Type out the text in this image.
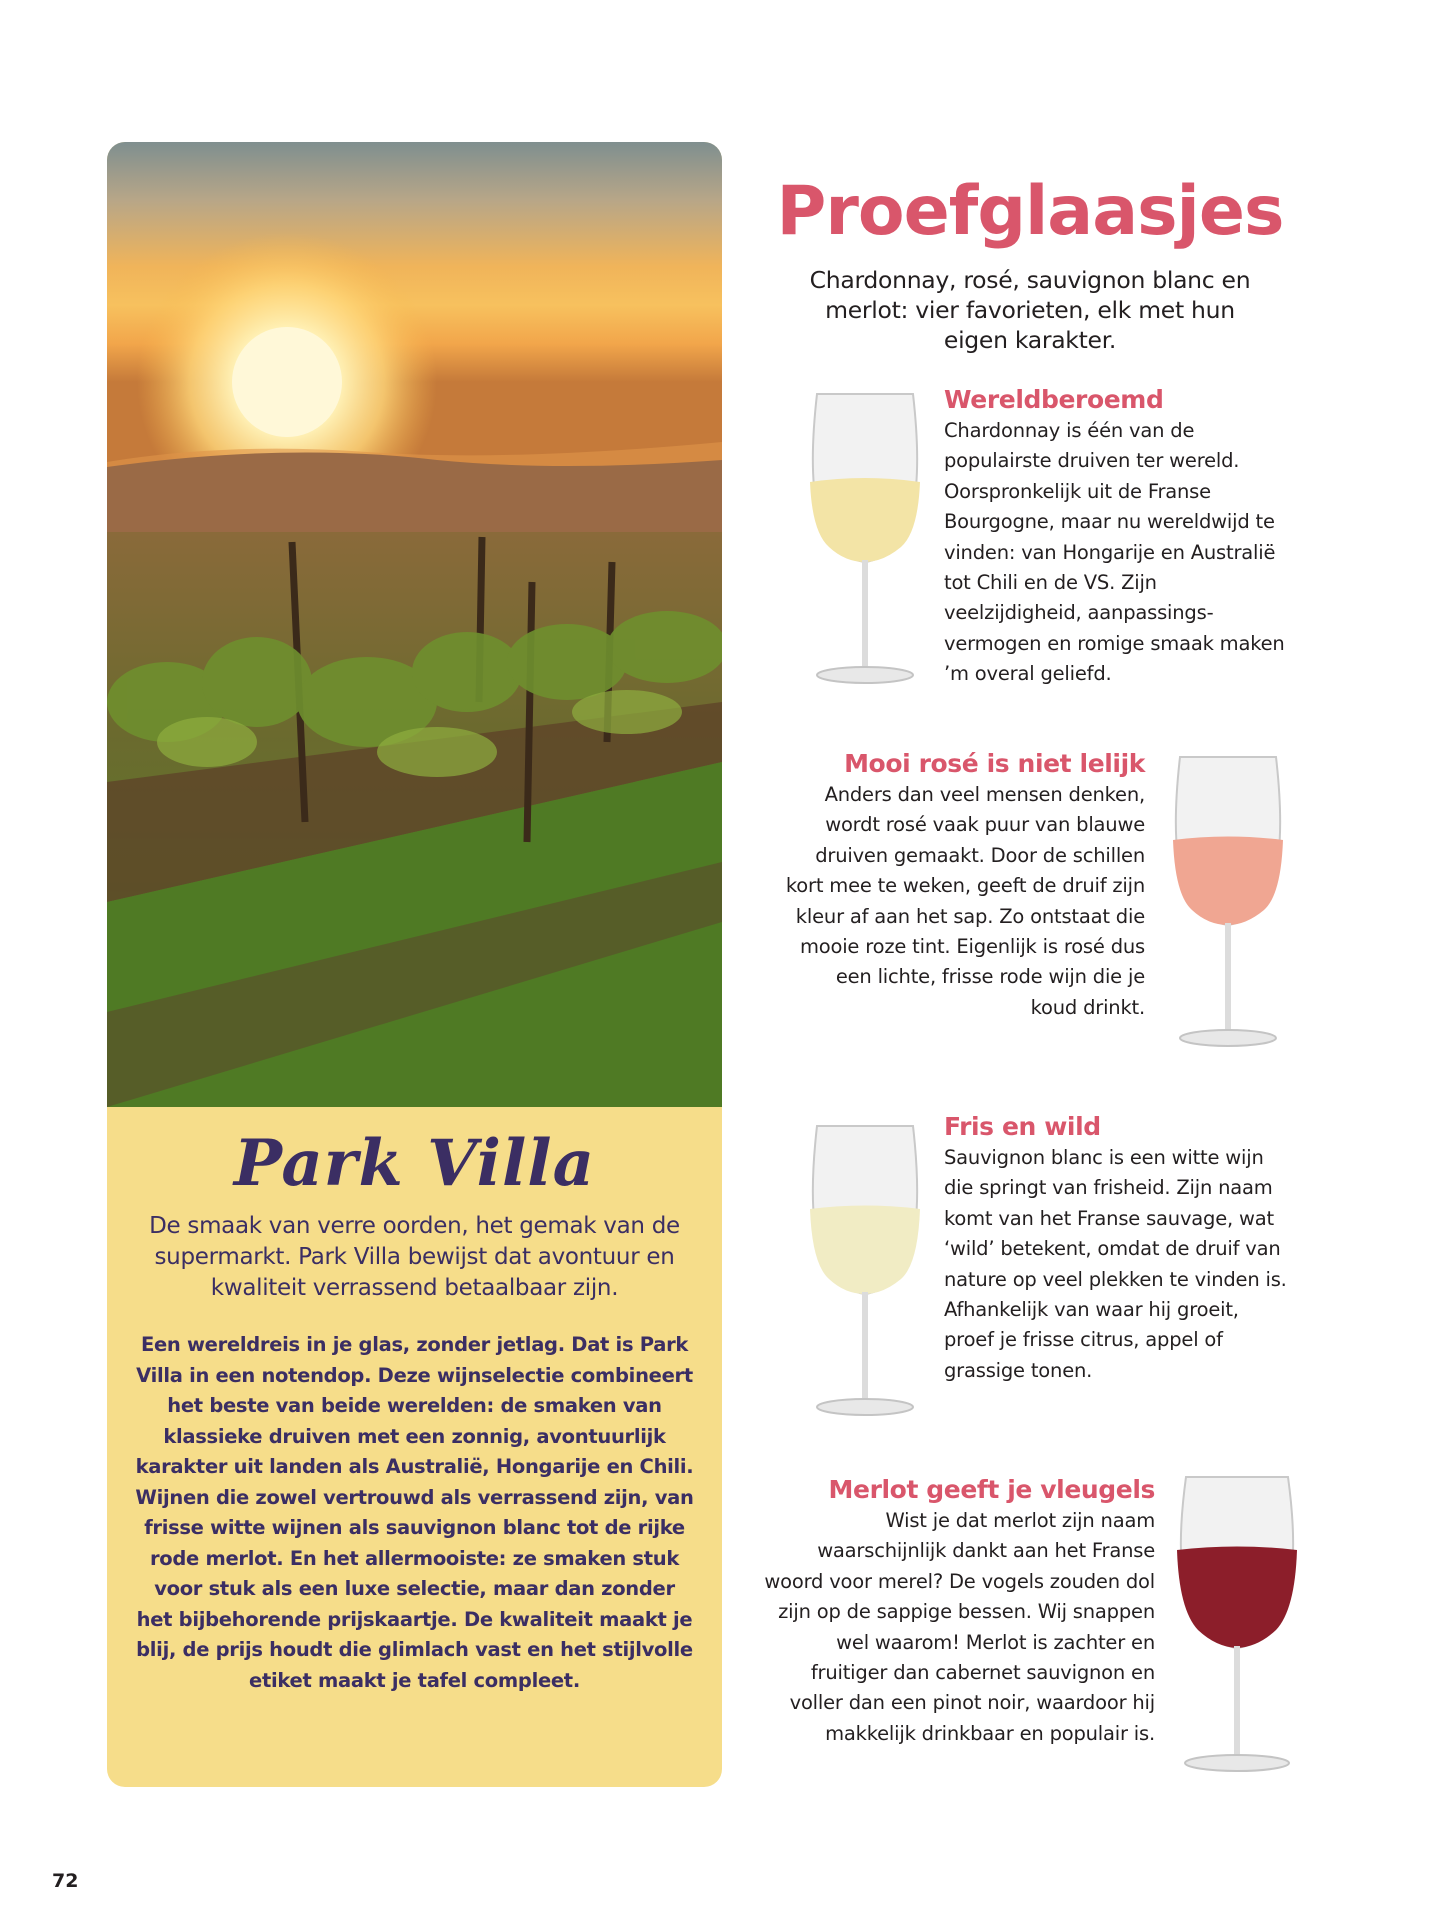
Park Villa

De smaak van verre oorden, het gemak van de supermarkt. Park Villa bewijst dat avontuur en kwaliteit verrassend betaalbaar zijn.

Een wereldreis in je glas, zonder jetlag. Dat is Park Villa in een notendop. Deze wijnselectie combineert het beste van beide werelden: de smaken van klassieke druiven met een zonnig, avontuurlijk karakter uit landen als Australië, Hongarije en Chili. Wijnen die zowel vertrouwd als verrassend zijn, van frisse witte wijnen als sauvignon blanc tot de rijke rode merlot. En het allermooiste: ze smaken stuk voor stuk als een luxe selectie, maar dan zonder het bijbehorende prijskaartje. De kwaliteit maakt je blij, de prijs houdt die glimlach vast en het stijlvolle etiket maakt je tafel compleet.

Proefglaasjes

Chardonnay, rosé, sauvignon blanc en merlot: vier favorieten, elk met hun eigen karakter.

Wereldberoemd

Chardonnay is één van de populairste druiven ter wereld. Oorspronkelijk uit de Franse Bourgogne, maar nu wereldwijd te vinden: van Hongarije en Australië tot Chili en de VS. Zijn veelzijdigheid, aanpassings-vermogen en romige smaak maken ’m overal geliefd.

Mooi rosé is niet lelijk

Anders dan veel mensen denken, wordt rosé vaak puur van blauwe druiven gemaakt. Door de schillen kort mee te weken, geeft de druif zijn kleur af aan het sap. Zo ontstaat die mooie roze tint. Eigenlijk is rosé dus een lichte, frisse rode wijn die je koud drinkt.

Fris en wild

Sauvignon blanc is een witte wijn die springt van frisheid. Zijn naam komt van het Franse sauvage, wat ‘wild’ betekent, omdat de druif van nature op veel plekken te vinden is. Afhankelijk van waar hij groeit, proef je frisse citrus, appel of grassige tonen.

Merlot geeft je vleugels

Wist je dat merlot zijn naam waarschijnlijk dankt aan het Franse woord voor merel? De vogels zouden dol zijn op de sappige bessen. Wij snappen wel waarom! Merlot is zachter en fruitiger dan cabernet sauvignon en voller dan een pinot noir, waardoor hij makkelijk drinkbaar en populair is.

72
